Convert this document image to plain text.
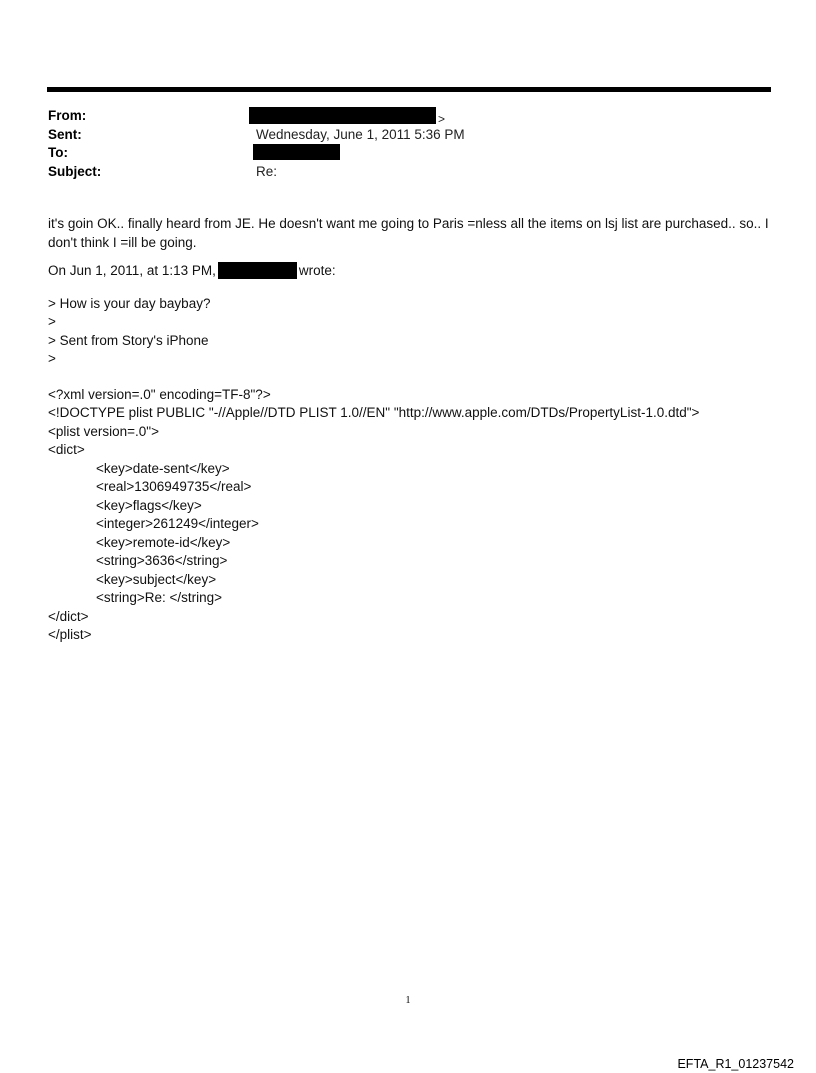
From:	>
Sent:	Wednesday, June 1, 2011 5:36 PM
To:
Subject:	Re:

it's goin OK.. finally heard from JE. He doesn't want me going to Paris =nless all the items on lsj list are purchased.. so.. I

don't think I =ill be going.

On Jun 1, 2011, at 1:13 PM,	wrote:

> How is your day baybay?

>

> Sent from Story's iPhone

>

<?xml version=.0" encoding=TF-8"?>

<!DOCTYPE plist PUBLIC "-//Apple//DTD PLIST 1.0//EN" "http://www.apple.com/DTDs/PropertyList-1.0.dtd">

<plist version=.0">

<dict>

<key>date-sent</key>

<real>1306949735</real>

<key>flags</key>

<integer>261249</integer>

<key>remote-id</key>

<string>3636</string>

<key>subject</key>

<string>Re: </string>

</dict>

</plist>

1
EFTA_R1_01237542
